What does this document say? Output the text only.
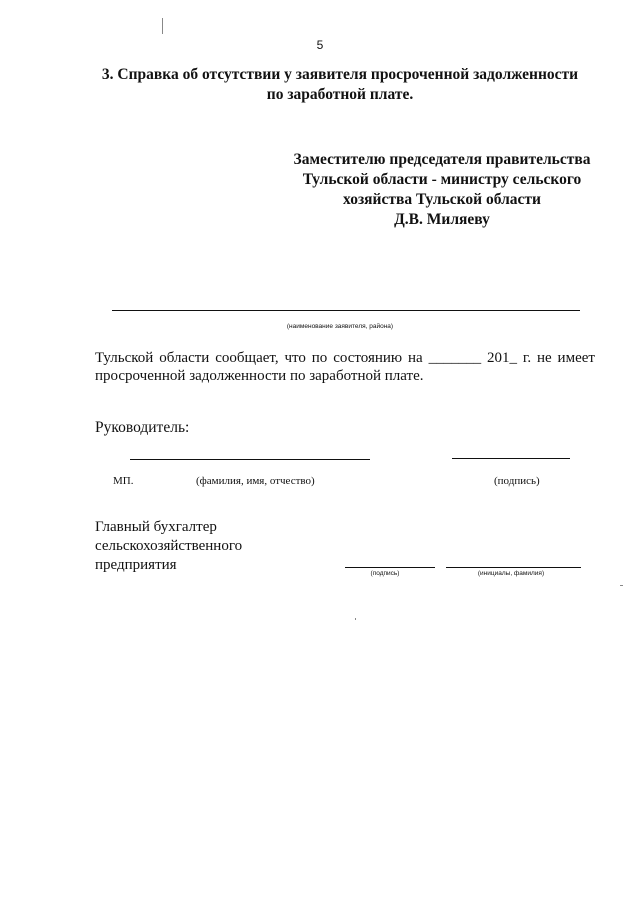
5
3. Справка об отсутствии у заявителя просроченной задолженности
по заработной плате.
Заместителю председателя правительства
Тульской области - министру сельского
хозяйства Тульской области
Д.В. Миляеву
(наименование заявителя, района)
Тульской области сообщает, что по состоянию на _______ 201_ г. не имеет
просроченной задолженности по заработной плате.
Руководитель:
МП.	(фамилия, имя, отчество)	(подпись)
Главный бухгалтер
сельскохозяйственного
предприятия
(подпись)	(инициалы, фамилия)
